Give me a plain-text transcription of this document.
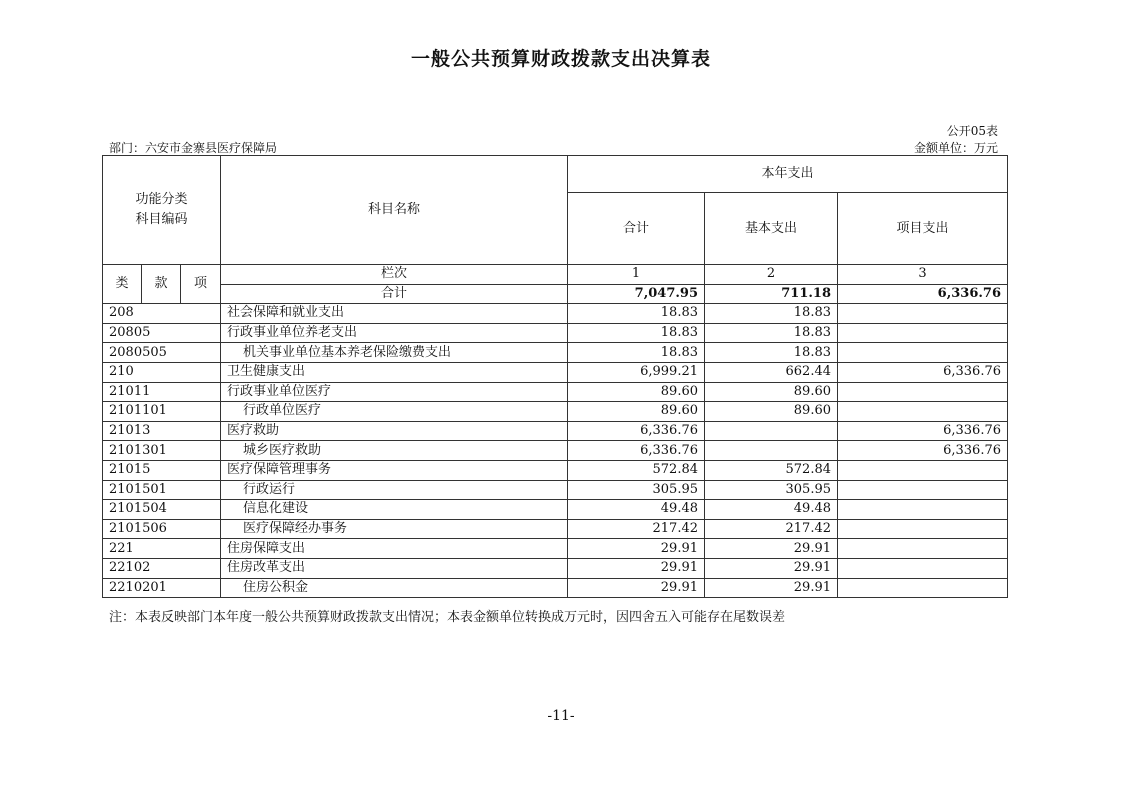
一般公共预算财政拨款支出决算表
公开05表
部门：六安市金寨县医疗保障局	金额单位：万元
功能分类
科目编码			科目名称	本年支出		
				合计	基本支出	项目支出
类	款	项	栏次	1	2	3
			合计	7,047.95	711.18	6,336.76
208			社会保障和就业支出	18.83	18.83	
20805			行政事业单位养老支出	18.83	18.83	
2080505			机关事业单位基本养老保险缴费支出	18.83	18.83	
210			卫生健康支出	6,999.21	662.44	6,336.76
21011			行政事业单位医疗	89.60	89.60	
2101101			行政单位医疗	89.60	89.60	
21013			医疗救助	6,336.76		6,336.76
2101301			城乡医疗救助	6,336.76		6,336.76
21015			医疗保障管理事务	572.84	572.84	
2101501			行政运行	305.95	305.95	
2101504			信息化建设	49.48	49.48	
2101506			医疗保障经办事务	217.42	217.42	
221			住房保障支出	29.91	29.91	
22102			住房改革支出	29.91	29.91	
2210201			住房公积金	29.91	29.91	
注：本表反映部门本年度一般公共预算财政拨款支出情况；本表金额单位转换成万元时，因四舍五入可能存在尾数误差
-11-
